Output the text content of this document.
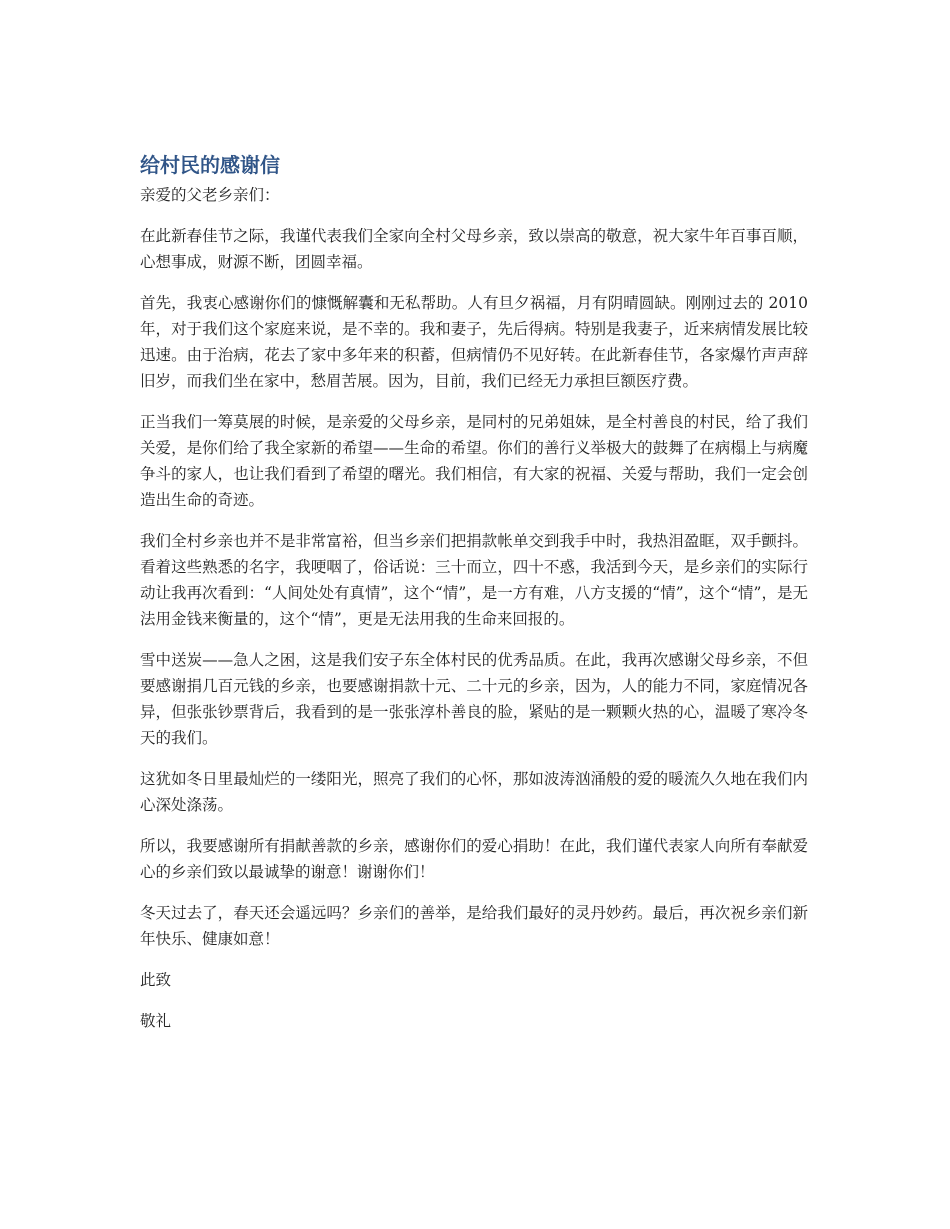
给村民的感谢信

亲爱的父老乡亲们：

在此新春佳节之际，我谨代表我们全家向全村父母乡亲，致以崇高的敬意，祝大家牛年百事百顺，心想事成，财源不断，团圆幸福。

首先，我衷心感谢你们的慷慨解囊和无私帮助。人有旦夕祸福，月有阴晴圆缺。刚刚过去的 2010 年，对于我们这个家庭来说，是不幸的。我和妻子，先后得病。特别是我妻子，近来病情发展比较迅速。由于治病，花去了家中多年来的积蓄，但病情仍不见好转。在此新春佳节，各家爆竹声声辞旧岁，而我们坐在家中，愁眉苦展。因为，目前，我们已经无力承担巨额医疗费。

正当我们一筹莫展的时候，是亲爱的父母乡亲，是同村的兄弟姐妹，是全村善良的村民，给了我们关爱，是你们给了我全家新的希望——生命的希望。你们的善行义举极大的鼓舞了在病榻上与病魔争斗的家人，也让我们看到了希望的曙光。我们相信，有大家的祝福、关爱与帮助，我们一定会创造出生命的奇迹。

我们全村乡亲也并不是非常富裕，但当乡亲们把捐款帐单交到我手中时，我热泪盈眶，双手颤抖。看着这些熟悉的名字，我哽咽了，俗话说：三十而立，四十不惑，我活到今天，是乡亲们的实际行动让我再次看到：“人间处处有真情”，这个“情”，是一方有难，八方支援的“情”，这个“情”，是无法用金钱来衡量的，这个“情”，更是无法用我的生命来回报的。

雪中送炭——急人之困，这是我们安子东全体村民的优秀品质。在此，我再次感谢父母乡亲，不但要感谢捐几百元钱的乡亲，也要感谢捐款十元、二十元的乡亲，因为，人的能力不同，家庭情况各异，但张张钞票背后，我看到的是一张张淳朴善良的脸，紧贴的是一颗颗火热的心，温暖了寒冷冬天的我们。

这犹如冬日里最灿烂的一缕阳光，照亮了我们的心怀，那如波涛汹涌般的爱的暖流久久地在我们内心深处涤荡。

所以，我要感谢所有捐献善款的乡亲，感谢你们的爱心捐助！在此，我们谨代表家人向所有奉献爱心的乡亲们致以最诚挚的谢意！谢谢你们！

冬天过去了，春天还会遥远吗？乡亲们的善举，是给我们最好的灵丹妙药。最后，再次祝乡亲们新年快乐、健康如意！

此致

敬礼
